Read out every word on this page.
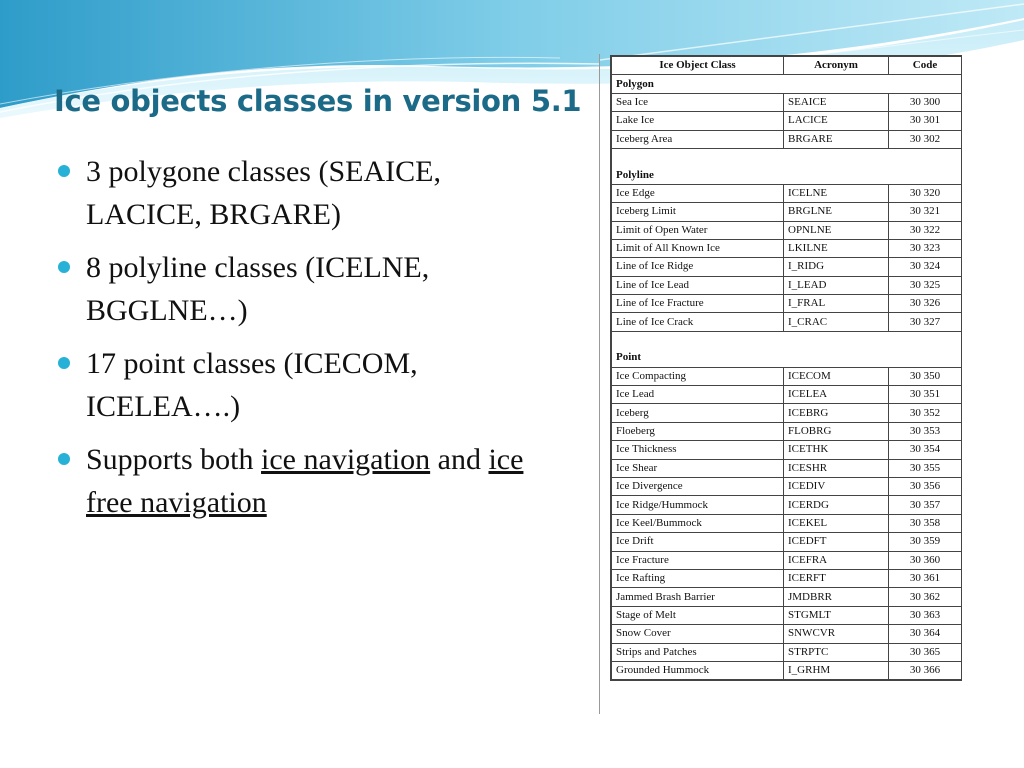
Ice objects classes in version 5.1
3 polygone classes (SEAICE, LACICE, BRGARE)
8 polyline classes (ICELNE, BGGLNE…)
17 point classes (ICECOM, ICELEA….)
Supports both ice navigation and ice free navigation
Ice Object Class	Acronym	Code
Polygon		
Sea Ice	SEAICE	30 300
Lake Ice	LACICE	30 301
Iceberg Area	BRGARE	30 302

Polyline		
Ice Edge	ICELNE	30 320
Iceberg Limit	BRGLNE	30 321
Limit of Open Water	OPNLNE	30 322
Limit of All Known Ice	LKILNE	30 323
Line of Ice Ridge	I_RIDG	30 324
Line of Ice Lead	I_LEAD	30 325
Line of Ice Fracture	I_FRAL	30 326
Line of Ice Crack	I_CRAC	30 327

Point		
Ice Compacting	ICECOM	30 350
Ice Lead	ICELEA	30 351
Iceberg	ICEBRG	30 352
Floeberg	FLOBRG	30 353
Ice Thickness	ICETHK	30 354
Ice Shear	ICESHR	30 355
Ice Divergence	ICEDIV	30 356
Ice Ridge/Hummock	ICERDG	30 357
Ice Keel/Bummock	ICEKEL	30 358
Ice Drift	ICEDFT	30 359
Ice Fracture	ICEFRA	30 360
Ice Rafting	ICERFT	30 361
Jammed Brash Barrier	JMDBRR	30 362
Stage of Melt	STGMLT	30 363
Snow Cover	SNWCVR	30 364
Strips and Patches	STRPTC	30 365
Grounded Hummock	I_GRHM	30 366
